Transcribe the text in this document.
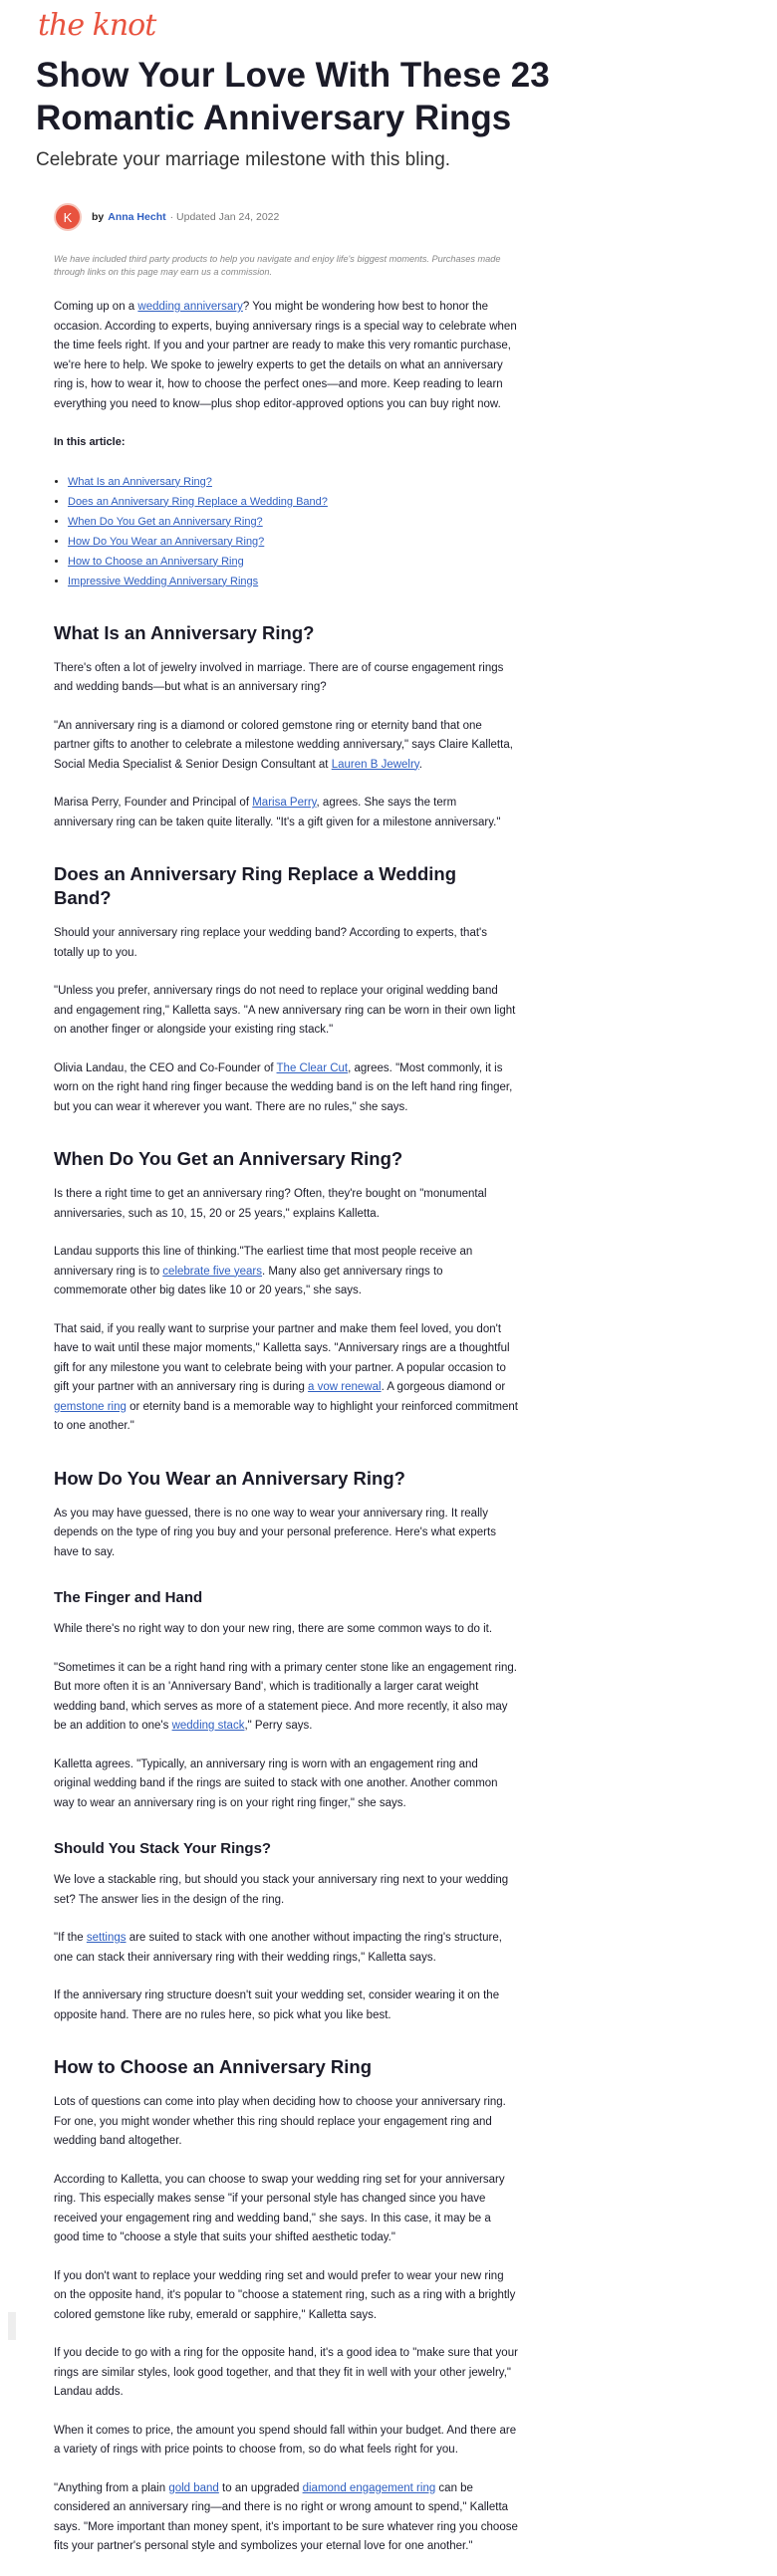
the knot
Show Your Love With These 23 Romantic Anniversary Rings

Celebrate your marriage milestone with this bling.

K by Anna Hecht · Updated Jan 24, 2022

We have included third party products to help you navigate and enjoy life's biggest moments. Purchases made through links on this page may earn us a commission.

Coming up on a wedding anniversary? You might be wondering how best to honor the occasion. According to experts, buying anniversary rings is a special way to celebrate when the time feels right. If you and your partner are ready to make this very romantic purchase, we're here to help. We spoke to jewelry experts to get the details on what an anniversary ring is, how to wear it, how to choose the perfect ones—and more. Keep reading to learn everything you need to know—plus shop editor-approved options you can buy right now.

In this article:

• What Is an Anniversary Ring?
• Does an Anniversary Ring Replace a Wedding Band?
• When Do You Get an Anniversary Ring?
• How Do You Wear an Anniversary Ring?
• How to Choose an Anniversary Ring
• Impressive Wedding Anniversary Rings
What Is an Anniversary Ring?

There's often a lot of jewelry involved in marriage. There are of course engagement rings and wedding bands—but what is an anniversary ring?

"An anniversary ring is a diamond or colored gemstone ring or eternity band that one partner gifts to another to celebrate a milestone wedding anniversary," says Claire Kalletta, Social Media Specialist & Senior Design Consultant at Lauren B Jewelry.

Marisa Perry, Founder and Principal of Marisa Perry, agrees. She says the term anniversary ring can be taken quite literally. "It's a gift given for a milestone anniversary."

Does an Anniversary Ring Replace a Wedding Band?

Should your anniversary ring replace your wedding band? According to experts, that's totally up to you.

"Unless you prefer, anniversary rings do not need to replace your original wedding band and engagement ring," Kalletta says. "A new anniversary ring can be worn in their own light on another finger or alongside your existing ring stack."

Olivia Landau, the CEO and Co-Founder of The Clear Cut, agrees. "Most commonly, it is worn on the right hand ring finger because the wedding band is on the left hand ring finger, but you can wear it wherever you want. There are no rules," she says.

When Do You Get an Anniversary Ring?

Is there a right time to get an anniversary ring? Often, they're bought on "monumental anniversaries, such as 10, 15, 20 or 25 years," explains Kalletta.

Landau supports this line of thinking."The earliest time that most people receive an anniversary ring is to celebrate five years. Many also get anniversary rings to commemorate other big dates like 10 or 20 years," she says.

That said, if you really want to surprise your partner and make them feel loved, you don't have to wait until these major moments," Kalletta says. "Anniversary rings are a thoughtful gift for any milestone you want to celebrate being with your partner. A popular occasion to gift your partner with an anniversary ring is during a vow renewal. A gorgeous diamond or gemstone ring or eternity band is a memorable way to highlight your reinforced commitment to one another."

How Do You Wear an Anniversary Ring?

As you may have guessed, there is no one way to wear your anniversary ring. It really depends on the type of ring you buy and your personal preference. Here's what experts have to say.

The Finger and Hand

While there's no right way to don your new ring, there are some common ways to do it.

"Sometimes it can be a right hand ring with a primary center stone like an engagement ring. But more often it is an 'Anniversary Band', which is traditionally a larger carat weight wedding band, which serves as more of a statement piece. And more recently, it also may be an addition to one's wedding stack," Perry says.

Kalletta agrees. "Typically, an anniversary ring is worn with an engagement ring and original wedding band if the rings are suited to stack with one another. Another common way to wear an anniversary ring is on your right ring finger," she says.

Should You Stack Your Rings?

We love a stackable ring, but should you stack your anniversary ring next to your wedding set? The answer lies in the design of the ring.

"If the settings are suited to stack with one another without impacting the ring's structure, one can stack their anniversary ring with their wedding rings," Kalletta says.

If the anniversary ring structure doesn't suit your wedding set, consider wearing it on the opposite hand. There are no rules here, so pick what you like best.

How to Choose an Anniversary Ring

Lots of questions can come into play when deciding how to choose your anniversary ring. For one, you might wonder whether this ring should replace your engagement ring and wedding band altogether.

According to Kalletta, you can choose to swap your wedding ring set for your anniversary ring. This especially makes sense "if your personal style has changed since you have received your engagement ring and wedding band," she says. In this case, it may be a good time to "choose a style that suits your shifted aesthetic today."

If you don't want to replace your wedding ring set and would prefer to wear your new ring on the opposite hand, it's popular to "choose a statement ring, such as a ring with a brightly colored gemstone like ruby, emerald or sapphire," Kalletta says.

If you decide to go with a ring for the opposite hand, it's a good idea to "make sure that your rings are similar styles, look good together, and that they fit in well with your other jewelry," Landau adds.

When it comes to price, the amount you spend should fall within your budget. And there are a variety of rings with price points to choose from, so do what feels right for you.

"Anything from a plain gold band to an upgraded diamond engagement ring can be considered an anniversary ring—and there is no right or wrong amount to spend," Kalletta says. "More important than money spent, it's important to be sure whatever ring you choose fits your partner's personal style and symbolizes your eternal love for one another."
